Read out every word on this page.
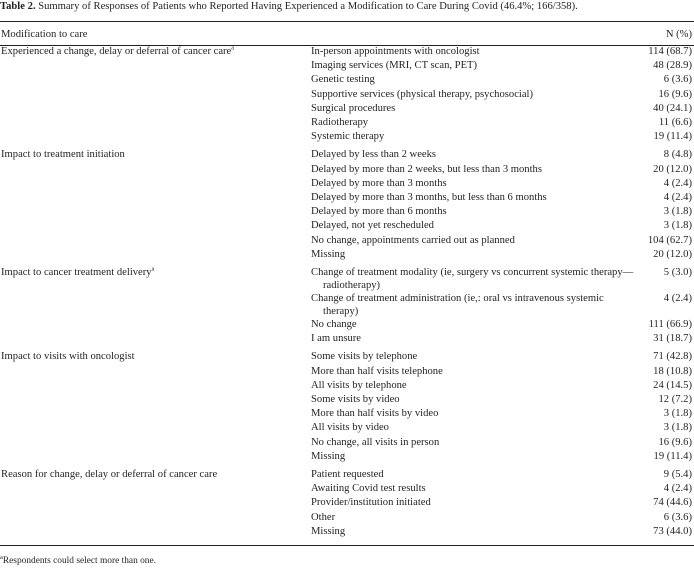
Table 2. Summary of Responses of Patients who Reported Having Experienced a Modification to Care During Covid (46.4%; 166/358).
Modification to care		N (%)
Experienced a change, delay or deferral of cancer care$^a$	In-person appointments with oncologist	114 (68.7)
	Imaging services (MRI, CT scan, PET)	48 (28.9)
	Genetic testing	6 (3.6)
	Supportive services (physical therapy, psychosocial)	16 (9.6)
	Surgical procedures	40 (24.1)
	Radiotherapy	11 (6.6)
	Systemic therapy	19 (11.4)
Impact to treatment initiation	Delayed by less than 2 weeks	8 (4.8)
	Delayed by more than 2 weeks, but less than 3 months	20 (12.0)
	Delayed by more than 3 months	4 (2.4)
	Delayed by more than 3 months, but less than 6 months	4 (2.4)
	Delayed by more than 6 months	3 (1.8)
	Delayed, not yet rescheduled	3 (1.8)
	No change, appointments carried out as planned	104 (62.7)
	Missing	20 (12.0)
Impact to cancer treatment delivery$^a$	Change of treatment modality (ie, surgery vs concurrent systemic therapy—radiotherapy)	5 (3.0)

	Change of treatment administration (ie,: oral vs intravenous systemic therapy)	4 (2.4)
	No change	111 (66.9)
	I am unsure	31 (18.7)
Impact to visits with oncologist	Some visits by telephone	71 (42.8)
	More than half visits telephone	18 (10.8)
	All visits by telephone	24 (14.5)
	Some visits by video	12 (7.2)
	More than half visits by video	3 (1.8)
	All visits by video	3 (1.8)
	No change, all visits in person	16 (9.6)
	Missing	19 (11.4)
Reason for change, delay or deferral of cancer care	Patient requested	9 (5.4)
	Awaiting Covid test results	4 (2.4)
	Provider/institution initiated	74 (44.6)
	Other	6 (3.6)
	Missing	73 (44.0)
$^a$Respondents could select more than one.
